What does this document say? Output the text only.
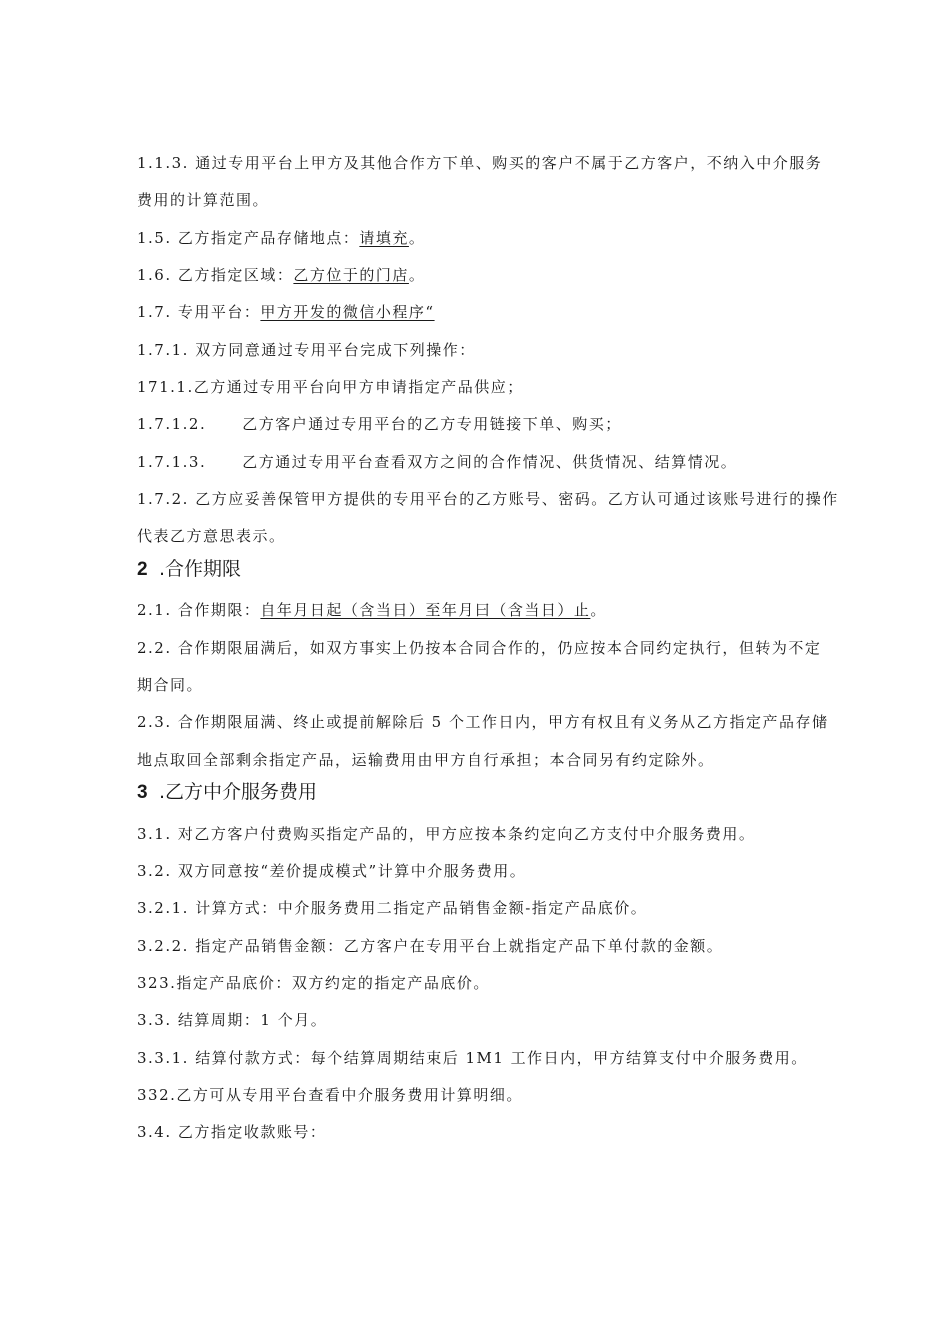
1.1.3. 通过专用平台上甲方及其他合作方下单、购买的客户不属于乙方客户，不纳入中介服务
费用的计算范围。
1.5. 乙方指定产品存储地点：请填充。
1.6. 乙方指定区域：乙方位于的门店。
1.7. 专用平台：甲方开发的微信小程序“
1.7.1. 双方同意通过专用平台完成下列操作：
171.1.乙方通过专用平台向甲方申请指定产品供应；
1.7.1.2. 乙方客户通过专用平台的乙方专用链接下单、购买；
1.7.1.3. 乙方通过专用平台查看双方之间的合作情况、供货情况、结算情况。
1.7.2. 乙方应妥善保管甲方提供的专用平台的乙方账号、密码。乙方认可通过该账号进行的操作
代表乙方意思表示。
2 .合作期限
2.1. 合作期限：自年月日起（含当日）至年月曰（含当日）止。
2.2. 合作期限届满后，如双方事实上仍按本合同合作的，仍应按本合同约定执行，但转为不定
期合同。
2.3. 合作期限届满、终止或提前解除后 5 个工作日内，甲方有权且有义务从乙方指定产品存储
地点取回全部剩余指定产品，运输费用由甲方自行承担；本合同另有约定除外。
3 .乙方中介服务费用
3.1. 对乙方客户付费购买指定产品的，甲方应按本条约定向乙方支付中介服务费用。
3.2. 双方同意按“差价提成模式”计算中介服务费用。
3.2.1. 计算方式：中介服务费用二指定产品销售金额-指定产品底价。
3.2.2. 指定产品销售金额：乙方客户在专用平台上就指定产品下单付款的金额。
323.指定产品底价：双方约定的指定产品底价。
3.3. 结算周期：1 个月。
3.3.1. 结算付款方式：每个结算周期结束后 1M1 工作日内，甲方结算支付中介服务费用。
332.乙方可从专用平台查看中介服务费用计算明细。
3.4. 乙方指定收款账号：
